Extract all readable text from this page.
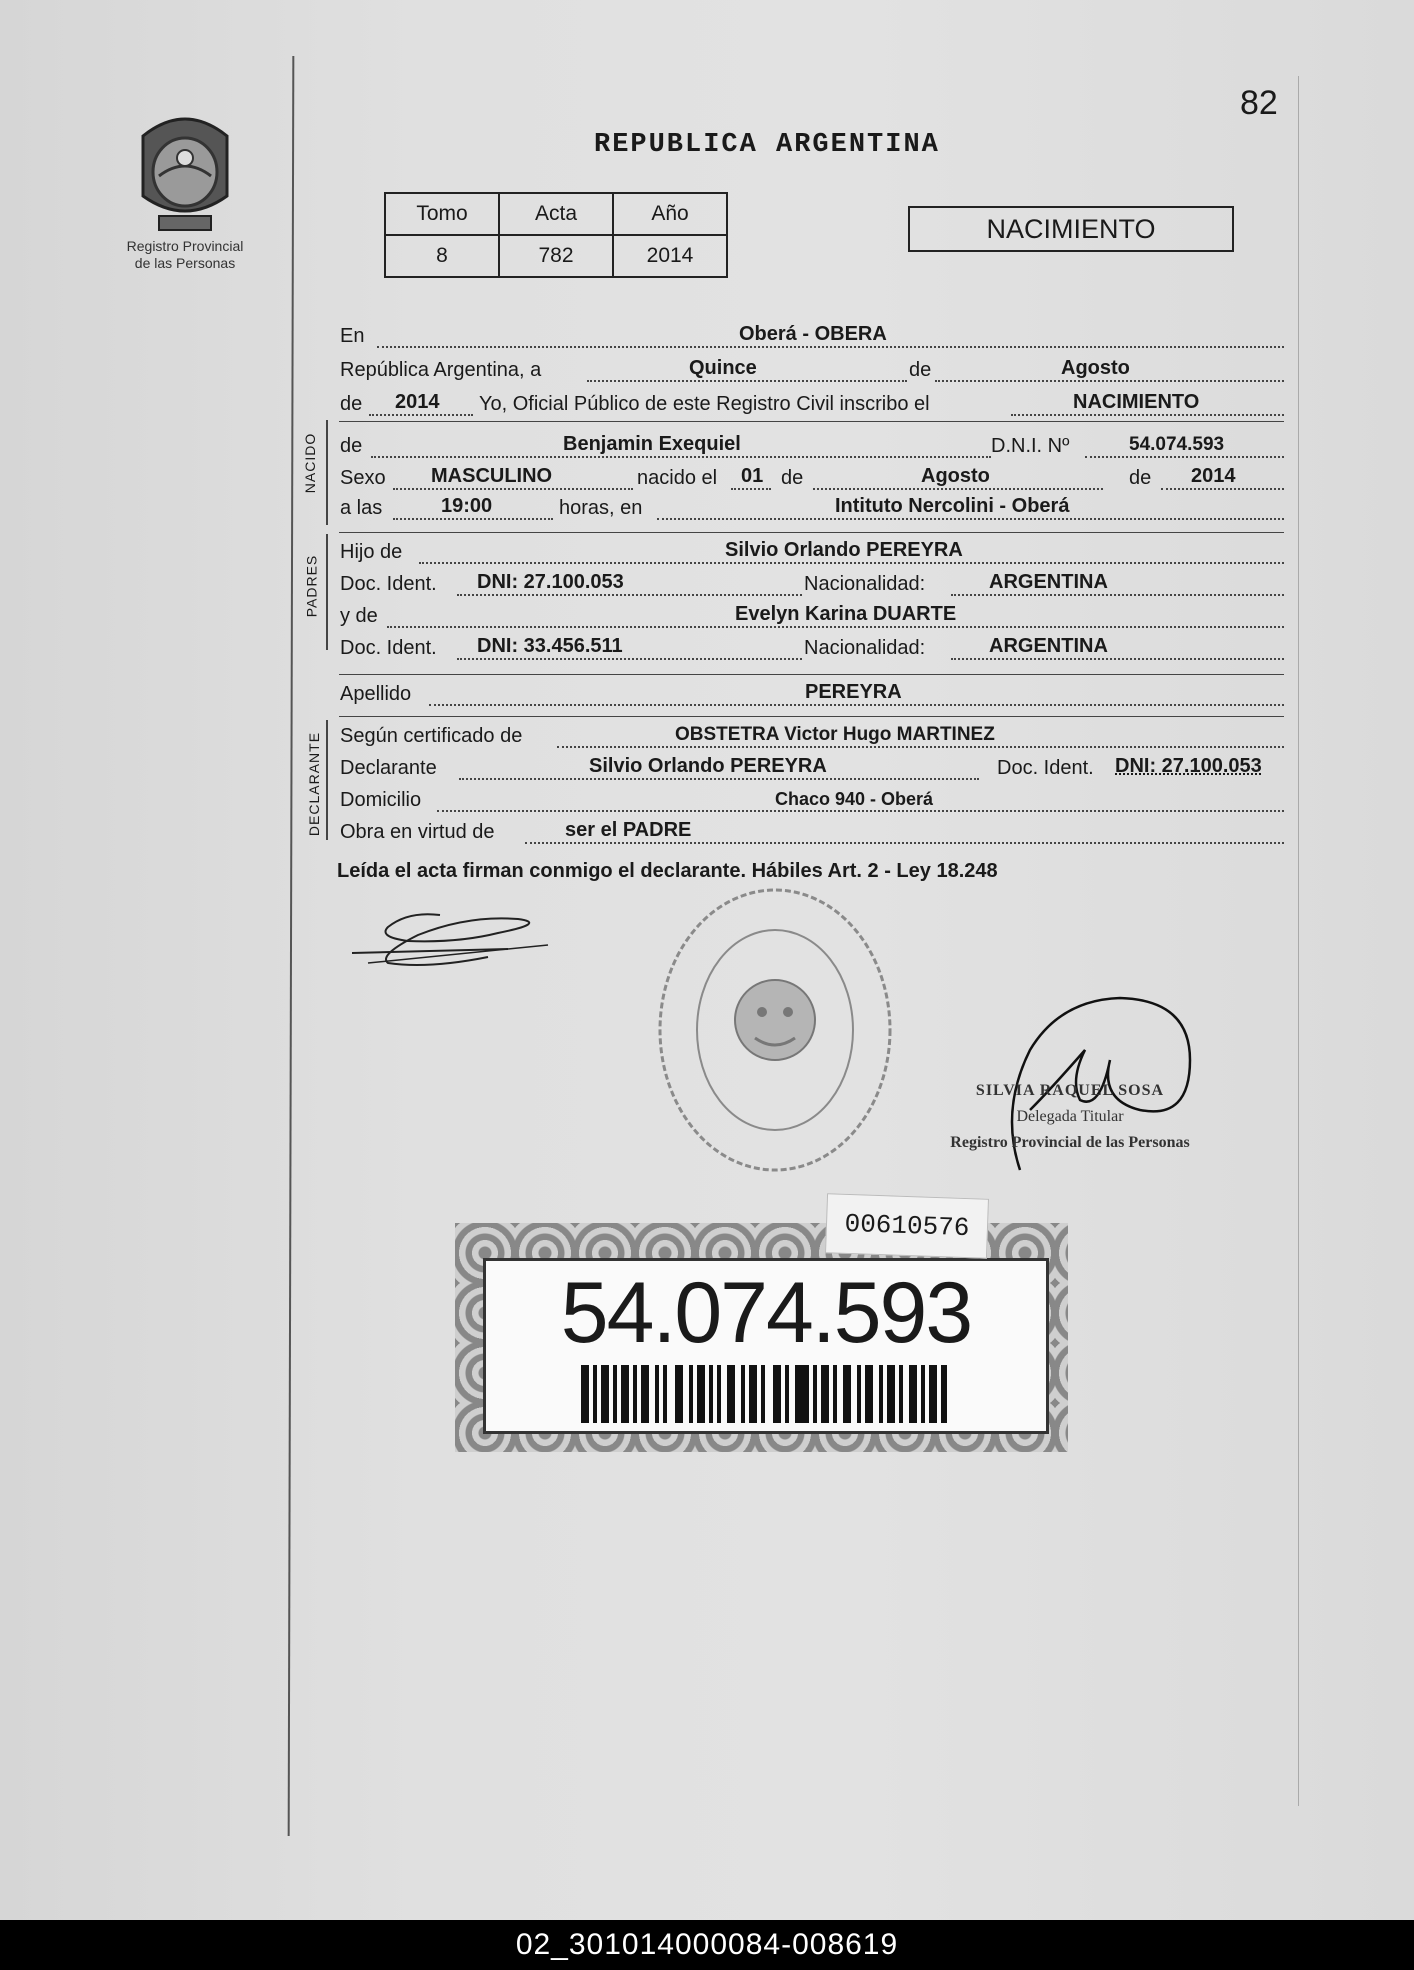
82
Registro Provincial
de las Personas
REPUBLICA ARGENTINA
Tomo	Acta	Año
8	782	2014
NACIMIENTO
NACIDO
PADRES
DECLARANTE
En	Oberá - OBERA
República Argentina, a	Quince	de	Agosto
de 2014 Yo, Oficial Público de este Registro Civil inscribo el	NACIMIENTO
de	Benjamin Exequiel	D.N.I. Nº	54.074.593
Sexo MASCULINO	nacido el 01 de	Agosto	de 2014
a las	19:00	horas, en	Intituto Nercolini - Oberá
Hijo de	Silvio Orlando PEREYRA
Doc. Ident. DNI: 27.100.053	Nacionalidad:	ARGENTINA
y de	Evelyn Karina DUARTE
Doc. Ident. DNI: 33.456.511	Nacionalidad:	ARGENTINA
Apellido	PEREYRA
Según certificado de	OBSTETRA Victor Hugo MARTINEZ
Declarante	Silvio Orlando PEREYRA	Doc. Ident. DNI: 27.100.053
Domicilio	Chaco 940 - Oberá
Obra en virtud de	ser el PADRE
Leída el acta firman conmigo el declarante. Hábiles Art. 2 - Ley 18.248
SILVIA RAQUEL SOSA
Delegada Titular
Registro Provincial de las Personas
54.074.593
00610576
02_301014000084-008619
